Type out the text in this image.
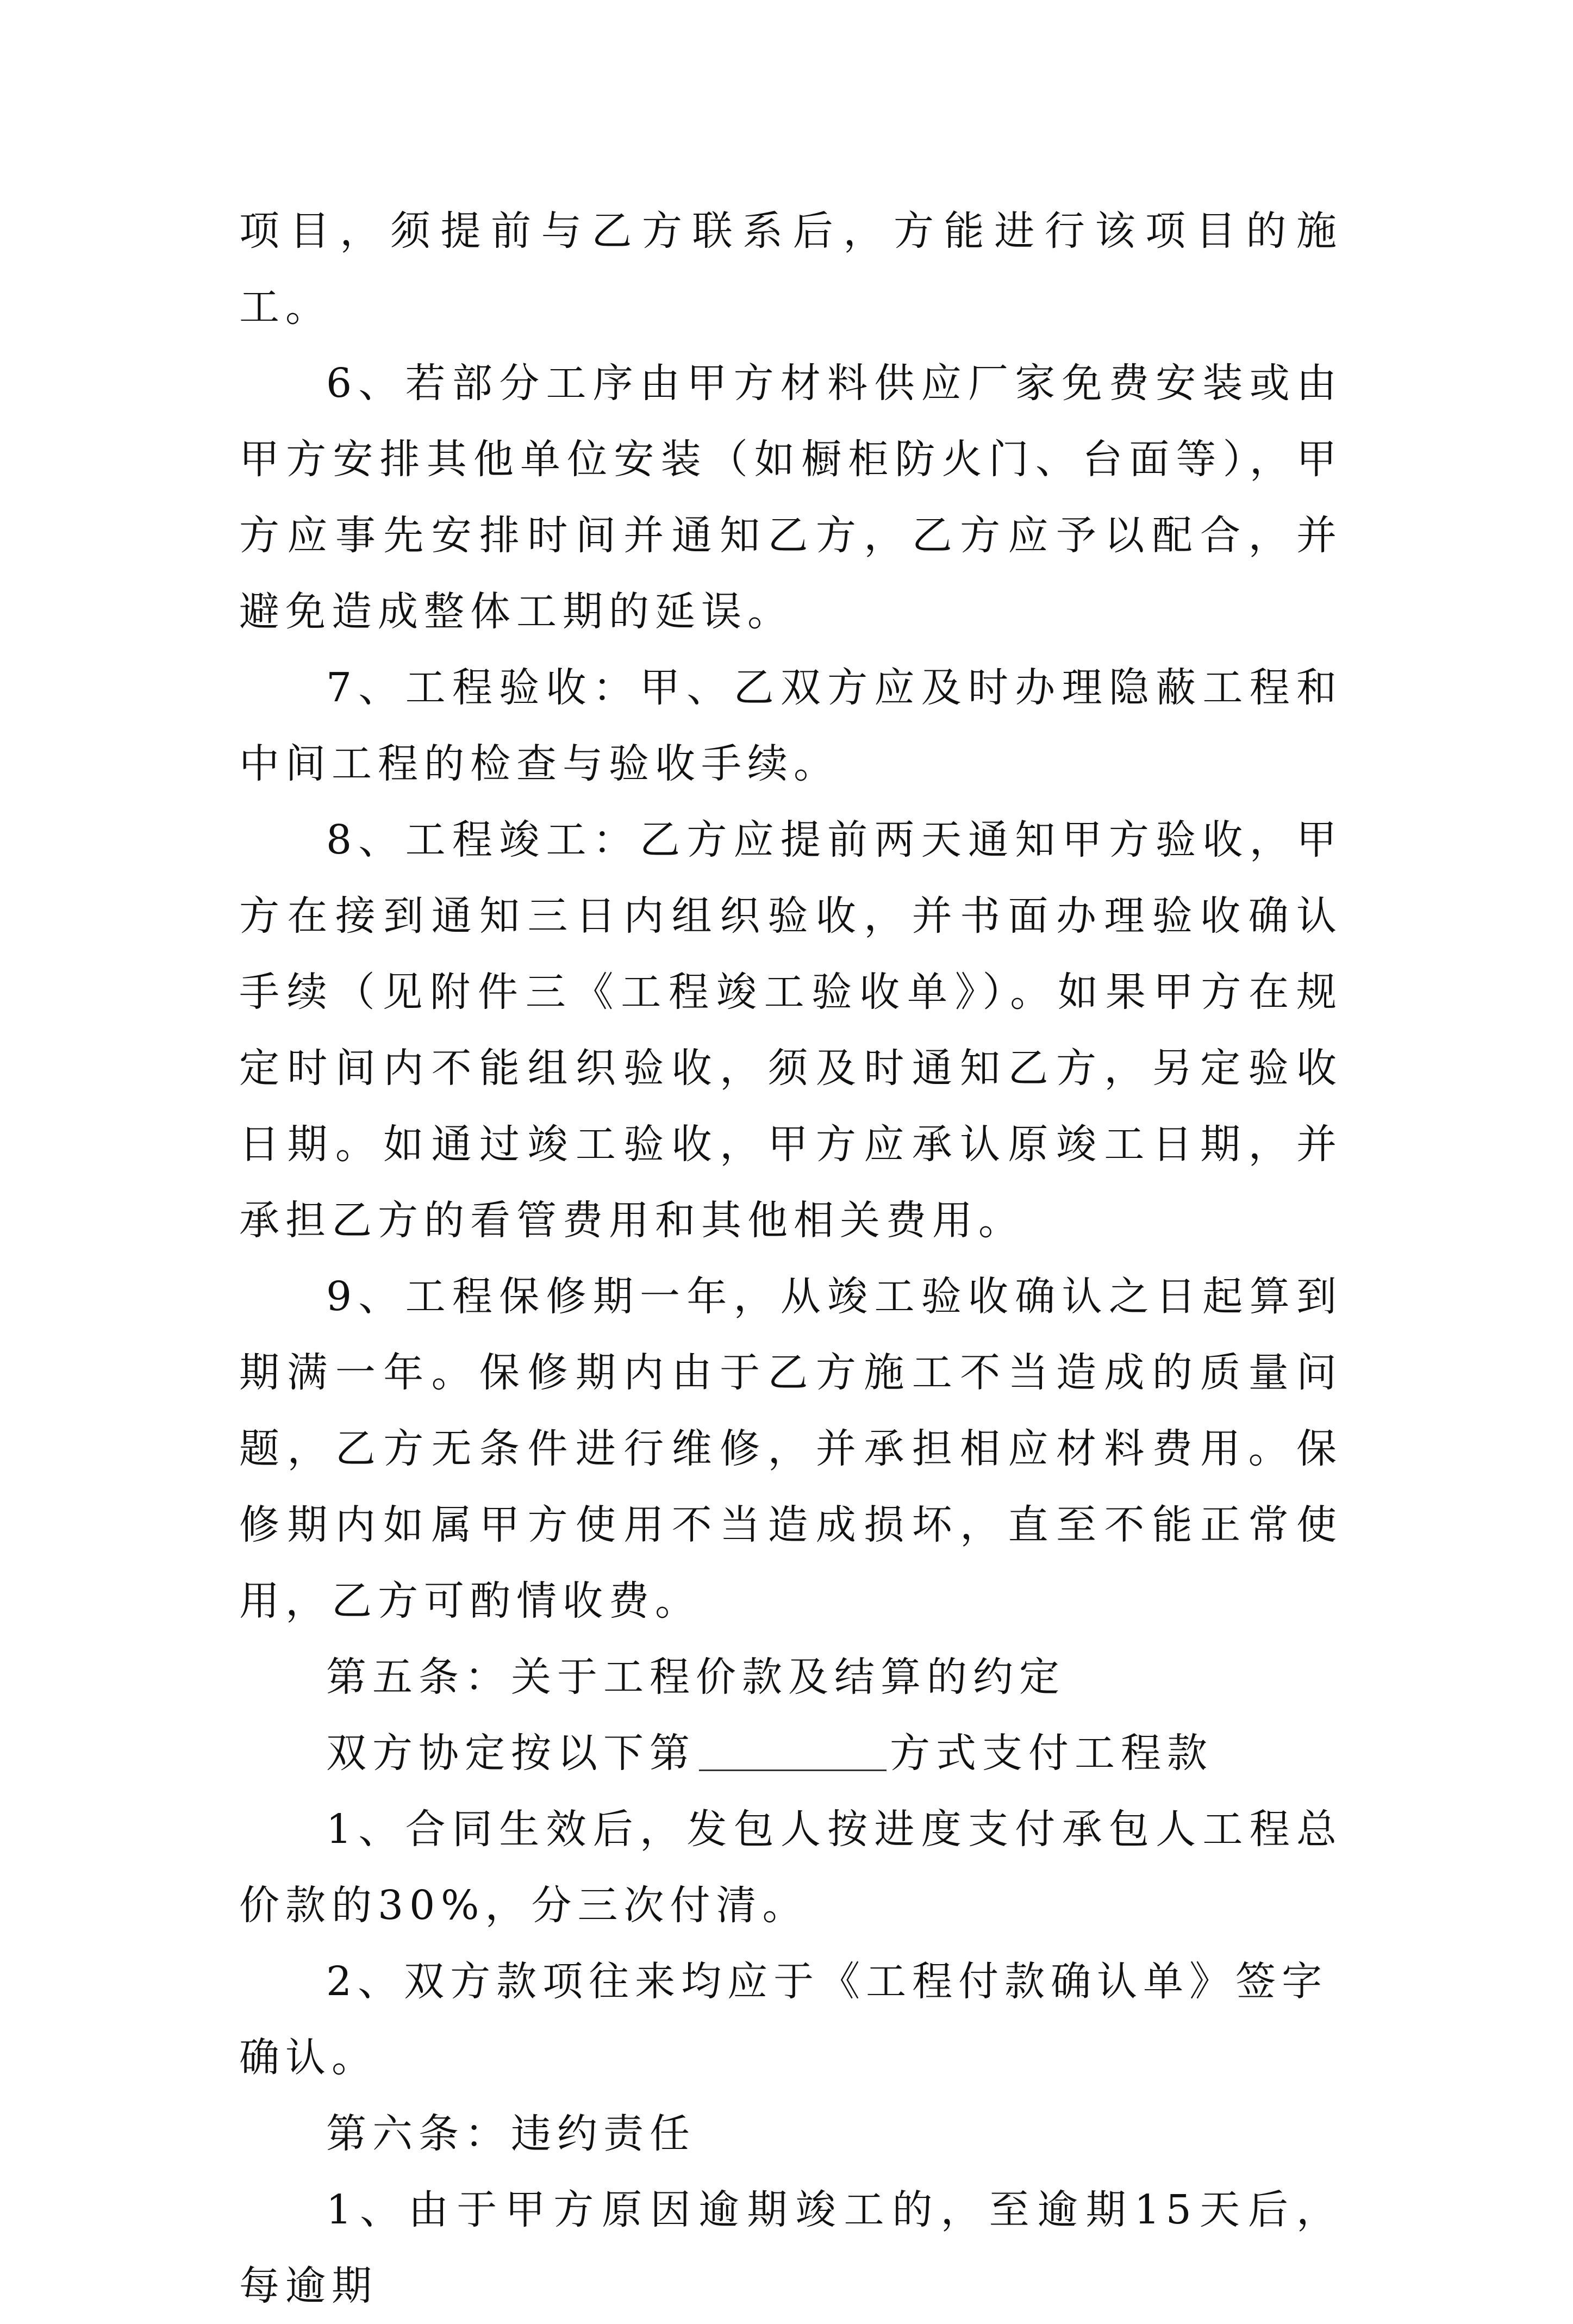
项目，须提前与乙方联系后，方能进行该项目的施工。

6、若部分工序由甲方材料供应厂家免费安装或由甲方安排其他单位安装（如橱柜防火门、台面等），甲方应事先安排时间并通知乙方，乙方应予以配合，并避免造成整体工期的延误。

7、工程验收：甲、乙双方应及时办理隐蔽工程和中间工程的检查与验收手续。

8、工程竣工：乙方应提前两天通知甲方验收，甲方在接到通知三日内组织验收，并书面办理验收确认手续（见附件三《工程竣工验收单》）。如果甲方在规定时间内不能组织验收，须及时通知乙方，另定验收日期。如通过竣工验收，甲方应承认原竣工日期，并承担乙方的看管费用和其他相关费用。

9、工程保修期一年，从竣工验收确认之日起算到期满一年。保修期内由于乙方施工不当造成的质量问题，乙方无条件进行维修，并承担相应材料费用。保修期内如属甲方使用不当造成损坏，直至不能正常使用，乙方可酌情收费。

第五条：关于工程价款及结算的约定

双方协定按以下第	方式支付工程款

1、合同生效后，发包人按进度支付承包人工程总价款的30%，分三次付清。

2、双方款项往来均应于《工程付款确认单》签字确认。

第六条：违约责任

1、由于甲方原因逾期竣工的，至逾期15天后，每逾期
